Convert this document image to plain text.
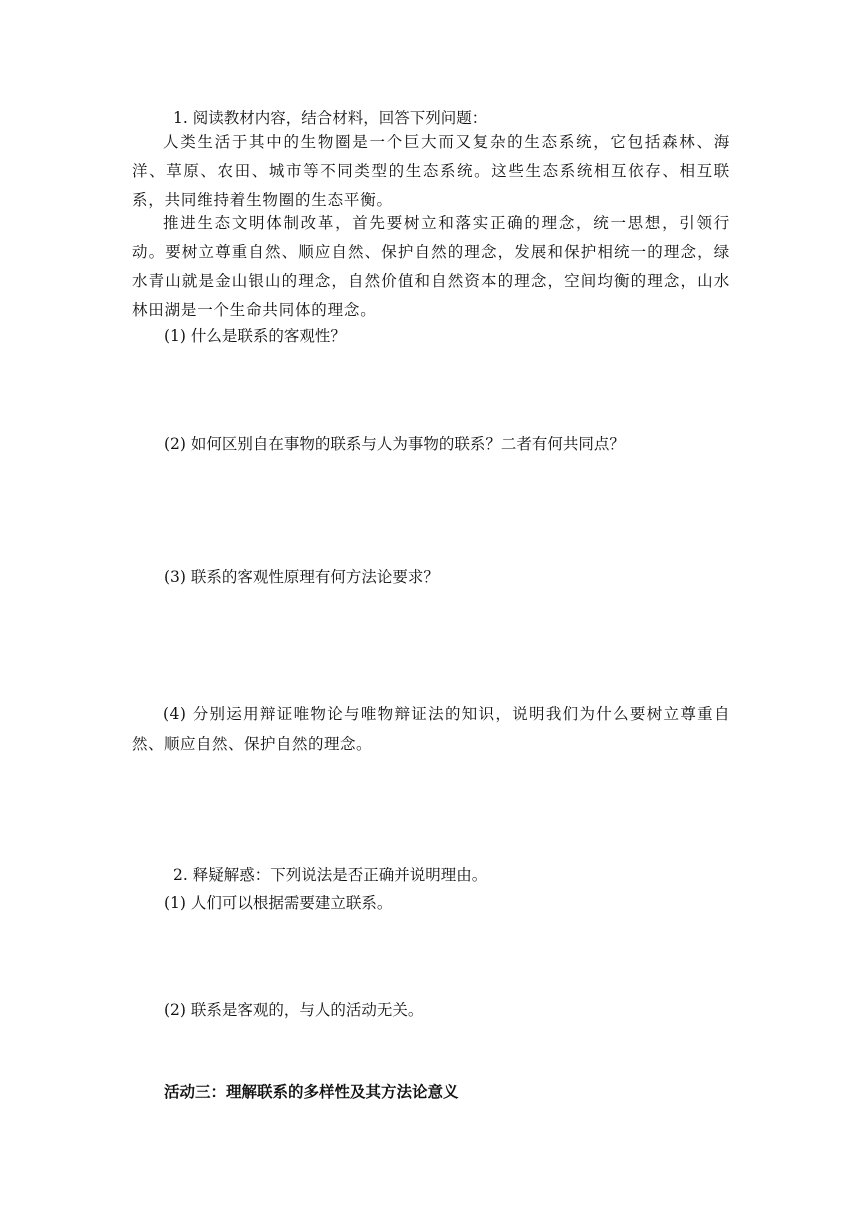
1. 阅读教材内容，结合材料，回答下列问题：
人类生活于其中的生物圈是一个巨大而又复杂的生态系统，它包括森林、海洋、草原、农田、城市等不同类型的生态系统。这些生态系统相互依存、相互联系，共同维持着生物圈的生态平衡。
推进生态文明体制改革，首先要树立和落实正确的理念，统一思想，引领行动。要树立尊重自然、顺应自然、保护自然的理念，发展和保护相统一的理念，绿水青山就是金山银山的理念，自然价值和自然资本的理念，空间均衡的理念，山水林田湖是一个生命共同体的理念。
(1) 什么是联系的客观性？
(2) 如何区别自在事物的联系与人为事物的联系？二者有何共同点？
(3) 联系的客观性原理有何方法论要求？
(4) 分别运用辩证唯物论与唯物辩证法的知识，说明我们为什么要树立尊重自然、顺应自然、保护自然的理念。
2. 释疑解惑：下列说法是否正确并说明理由。
(1) 人们可以根据需要建立联系。
(2) 联系是客观的，与人的活动无关。
活动三：理解联系的多样性及其方法论意义
